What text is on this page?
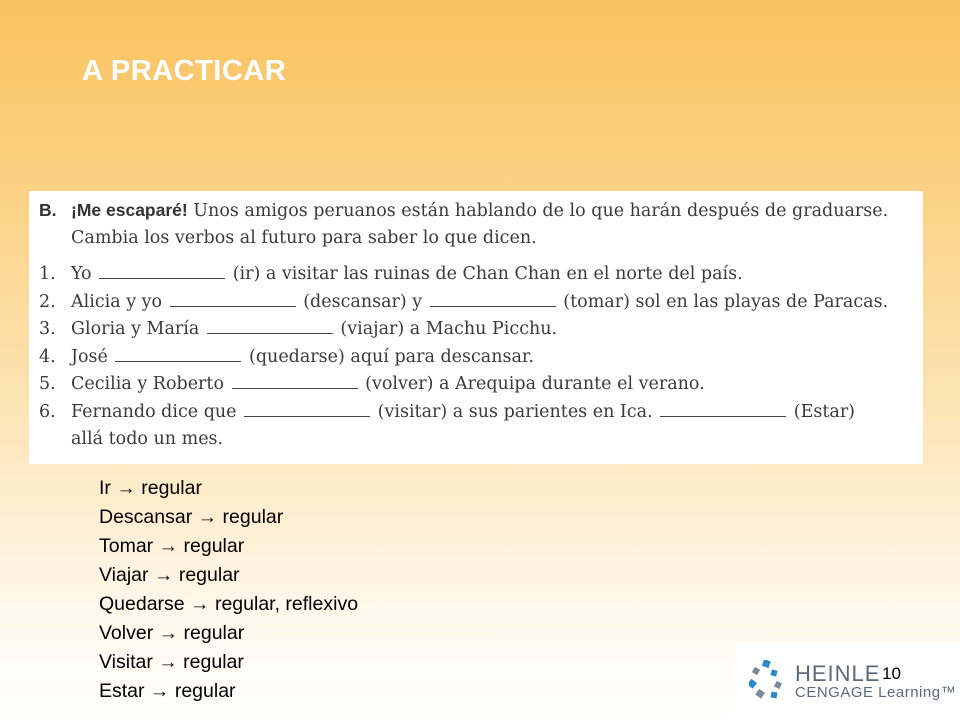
A PRACTICAR
B. ¡Me escaparé! Unos amigos peruanos están hablando de lo que harán después de graduarse.
Cambia los verbos al futuro para saber lo que dicen.
1. Yo	(ir) a visitar las ruinas de Chan Chan en el norte del país.
2. Alicia y yo	(descansar) y	(tomar) sol en las playas de Paracas.
3. Gloria y María	(viajar) a Machu Picchu.
4. José	(quedarse) aquí para descansar.
5. Cecilia y Roberto	(volver) a Arequipa durante el verano.
6. Fernando dice que	(visitar) a sus parientes en Ica.	(Estar)
allá todo un mes.
Ir → regular
Descansar → regular
Tomar → regular
Viajar → regular
Quedarse → regular, reflexivo
Volver → regular
Visitar → regular
Estar → regular
HEINLE
CENGAGE Learning™
10
